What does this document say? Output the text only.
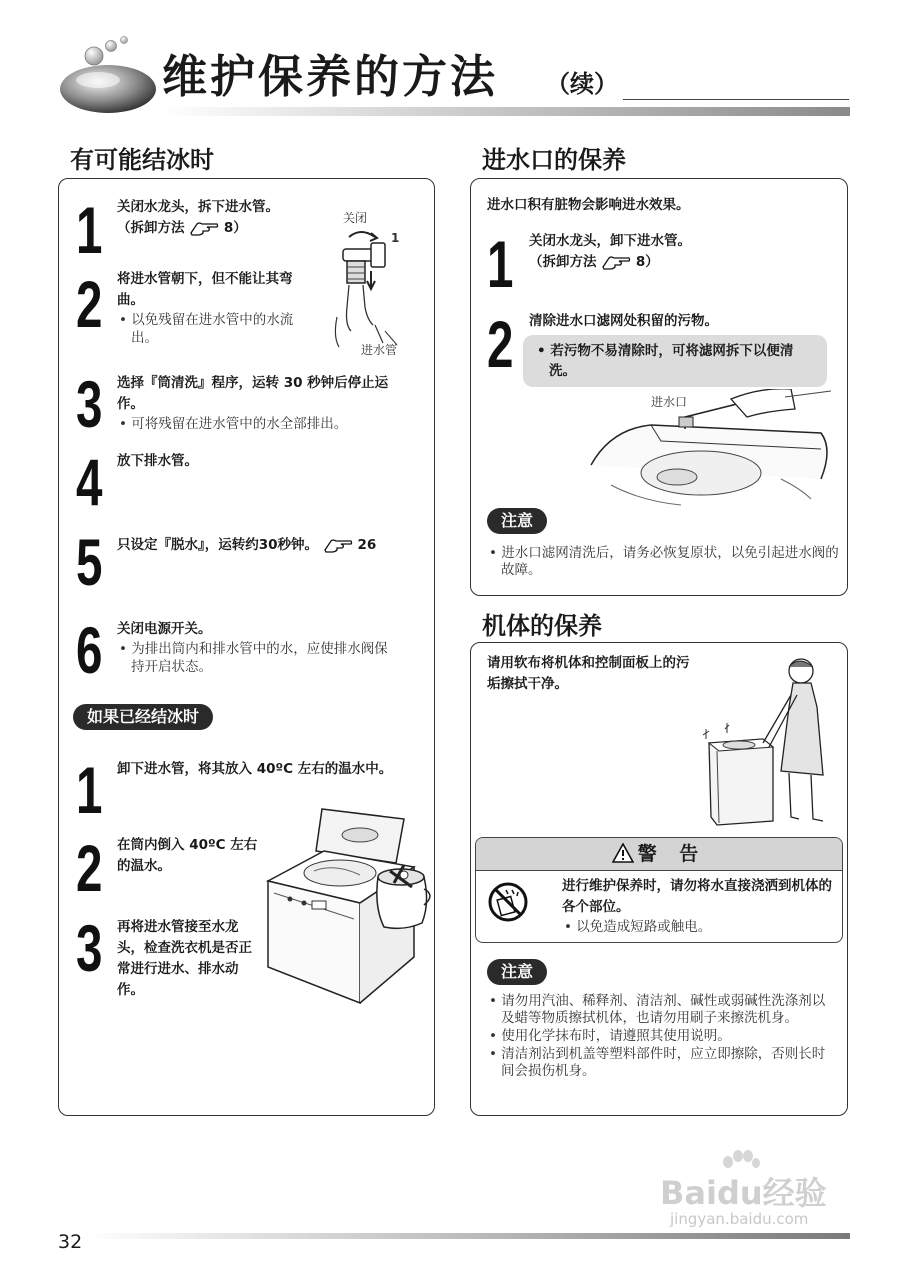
维护保养的方法 （续）
有可能结冰时
1 关闭水龙头，拆下进水管。
（拆卸方法	8）
关闭
1
进水管
2 将进水管朝下，但不能让其弯曲。
• 以免残留在进水管中的水流出。
3 选择『筒清洗』程序，运转 30 秒钟后停止运作。
• 可将残留在进水管中的水全部排出。
4 放下排水管。
5 只设定『脱水』，运转约30秒钟。	26
6 关闭电源开关。
• 为排出筒内和排水管中的水，应使排水阀保持开启状态。
如果已经结冰时
1 卸下进水管，将其放入 40ºC 左右的温水中。
2 在筒内倒入 40ºC 左右的温水。
3 再将进水管接至水龙头，检查洗衣机是否正常进行进水、排水动作。
进水口的保养
进水口积有脏物会影响进水效果。
1 关闭水龙头，卸下进水管。
（拆卸方法	8）
2 清除进水口滤网处积留的污物。
• 若污物不易清除时，可将滤网拆下以便清洗。
进水口
注意
• 进水口滤网清洗后，请务必恢复原状，以免引起进水阀的故障。
机体的保养
请用软布将机体和控制面板上的污垢擦拭干净。
警 告
进行维护保养时，请勿将水直接浇洒到机体的各个部位。
• 以免造成短路或触电。
注意
• 请勿用汽油、稀释剂、清洁剂、碱性或弱碱性洗涤剂以及蜡等物质擦拭机体，也请勿用刷子来擦洗机身。
• 使用化学抹布时，请遵照其使用说明。
• 清洁剂沾到机盖等塑料部件时，应立即擦除，否则长时间会损伤机身。
Baidu经验
jingyan.baidu.com
32
